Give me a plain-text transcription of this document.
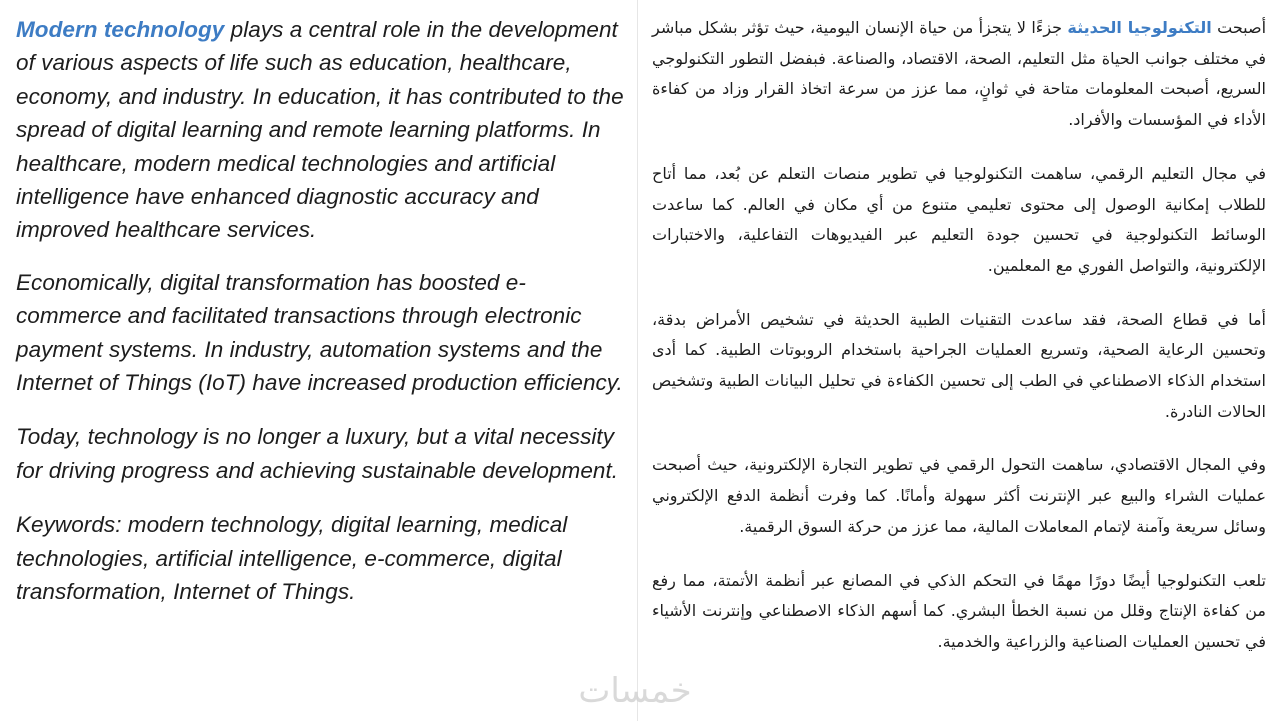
Modern technology plays a central role in the development of various aspects of life such as education, healthcare, economy, and industry. In education, it has contributed to the spread of digital learning and remote learning platforms. In healthcare, modern medical technologies and artificial intelligence have enhanced diagnostic accuracy and improved healthcare services.

Economically, digital transformation has boosted e-commerce and facilitated transactions through electronic payment systems. In industry, automation systems and the Internet of Things (IoT) have increased production efficiency.

Today, technology is no longer a luxury, but a vital necessity for driving progress and achieving sustainable development.

Keywords: modern technology, digital learning, medical technologies, artificial intelligence, e-commerce, digital transformation, Internet of Things.

أصبحت التكنولوجيا الحديثة جزءًا لا يتجزأ من حياة الإنسان اليومية، حيث تؤثر بشكل مباشر في مختلف جوانب الحياة مثل التعليم، الصحة، الاقتصاد، والصناعة. فبفضل التطور التكنولوجي السريع، أصبحت المعلومات متاحة في ثوانٍ، مما عزز من سرعة اتخاذ القرار وزاد من كفاءة الأداء في المؤسسات والأفراد.

في مجال التعليم الرقمي، ساهمت التكنولوجيا في تطوير منصات التعلم عن بُعد، مما أتاح للطلاب إمكانية الوصول إلى محتوى تعليمي متنوع من أي مكان في العالم. كما ساعدت الوسائط التكنولوجية في تحسين جودة التعليم عبر الفيديوهات التفاعلية، والاختبارات الإلكترونية، والتواصل الفوري مع المعلمين.

أما في قطاع الصحة، فقد ساعدت التقنيات الطبية الحديثة في تشخيص الأمراض بدقة، وتحسين الرعاية الصحية، وتسريع العمليات الجراحية باستخدام الروبوتات الطبية. كما أدى استخدام الذكاء الاصطناعي في الطب إلى تحسين الكفاءة في تحليل البيانات الطبية وتشخيص الحالات النادرة.

وفي المجال الاقتصادي، ساهمت التحول الرقمي في تطوير التجارة الإلكترونية، حيث أصبحت عمليات الشراء والبيع عبر الإنترنت أكثر سهولة وأمانًا. كما وفرت أنظمة الدفع الإلكتروني وسائل سريعة وآمنة لإتمام المعاملات المالية، مما عزز من حركة السوق الرقمية.

تلعب التكنولوجيا أيضًا دورًا مهمًا في التحكم الذكي في المصانع عبر أنظمة الأتمتة، مما رفع من كفاءة الإنتاج وقلل من نسبة الخطأ البشري. كما أسهم الذكاء الاصطناعي وإنترنت الأشياء في تحسين العمليات الصناعية والزراعية والخدمية.

خمسات
